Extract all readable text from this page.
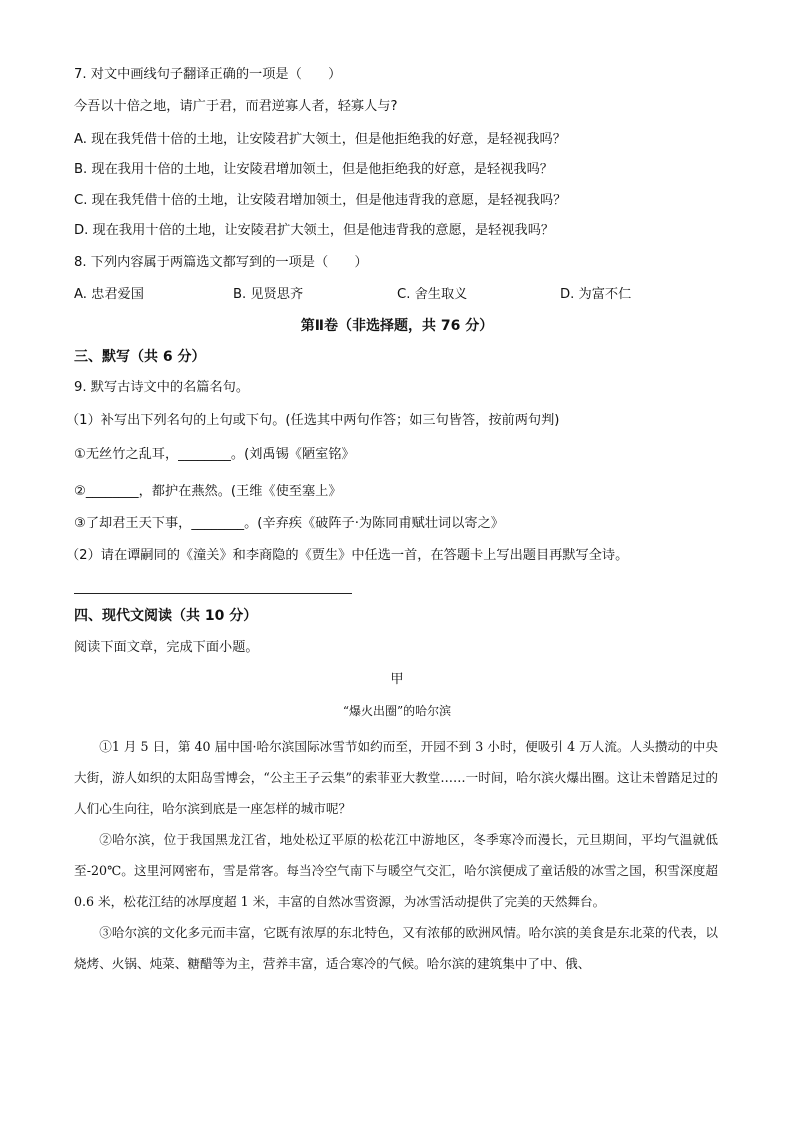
7. 对文中画线句子翻译正确的一项是（　　）
今吾以十倍之地，请广于君，而君逆寡人者，轻寡人与?
A. 现在我凭借十倍的土地，让安陵君扩大领土，但是他拒绝我的好意，是轻视我吗？
B. 现在我用十倍的土地，让安陵君增加领土，但是他拒绝我的好意，是轻视我吗？
C. 现在我凭借十倍的土地，让安陵君增加领土，但是他违背我的意愿，是轻视我吗？
D. 现在我用十倍的土地，让安陵君扩大领土，但是他违背我的意愿，是轻视我吗？
8. 下列内容属于两篇选文都写到的一项是（　　）
A. 忠君爱国	B. 见贤思齐	C. 舍生取义	D. 为富不仁
第Ⅱ卷（非选择题，共 76 分）
三、默写（共 6 分）
9. 默写古诗文中的名篇名句。
（1）补写出下列名句的上句或下句。(任选其中两句作答；如三句皆答，按前两句判)
①无丝竹之乱耳，________。(刘禹锡《陋室铭》
②________，都护在燕然。(王维《使至塞上》
③了却君王天下事，________。(辛弃疾《破阵子·为陈同甫赋壮词以寄之》
（2）请在谭嗣同的《潼关》和李商隐的《贾生》中任选一首，在答题卡上写出题目再默写全诗。
四、现代文阅读（共 10 分）
阅读下面文章，完成下面小题。
甲
“爆火出圈”的哈尔滨

①1 月 5 日，第 40 届中国·哈尔滨国际冰雪节如约而至，开园不到 3 小时，便吸引 4 万人流。人头攒动的中央大街，游人如织的太阳岛雪博会，“公主王子云集”的索菲亚大教堂……一时间，哈尔滨火爆出圈。这让未曾踏足过的人们心生向往，哈尔滨到底是一座怎样的城市呢？

②哈尔滨，位于我国黑龙江省，地处松辽平原的松花江中游地区，冬季寒冷而漫长，元旦期间，平均气温就低至-20℃。这里河网密布，雪是常客。每当冷空气南下与暖空气交汇，哈尔滨便成了童话般的冰雪之国，积雪深度超 0.6 米，松花江结的冰厚度超 1 米，丰富的自然冰雪资源，为冰雪活动提供了完美的天然舞台。

③哈尔滨的文化多元而丰富，它既有浓厚的东北特色，又有浓郁的欧洲风情。哈尔滨的美食是东北菜的代表，以烧烤、火锅、炖菜、糖醋等为主，营养丰富，适合寒冷的气候。哈尔滨的建筑集中了中、俄、
